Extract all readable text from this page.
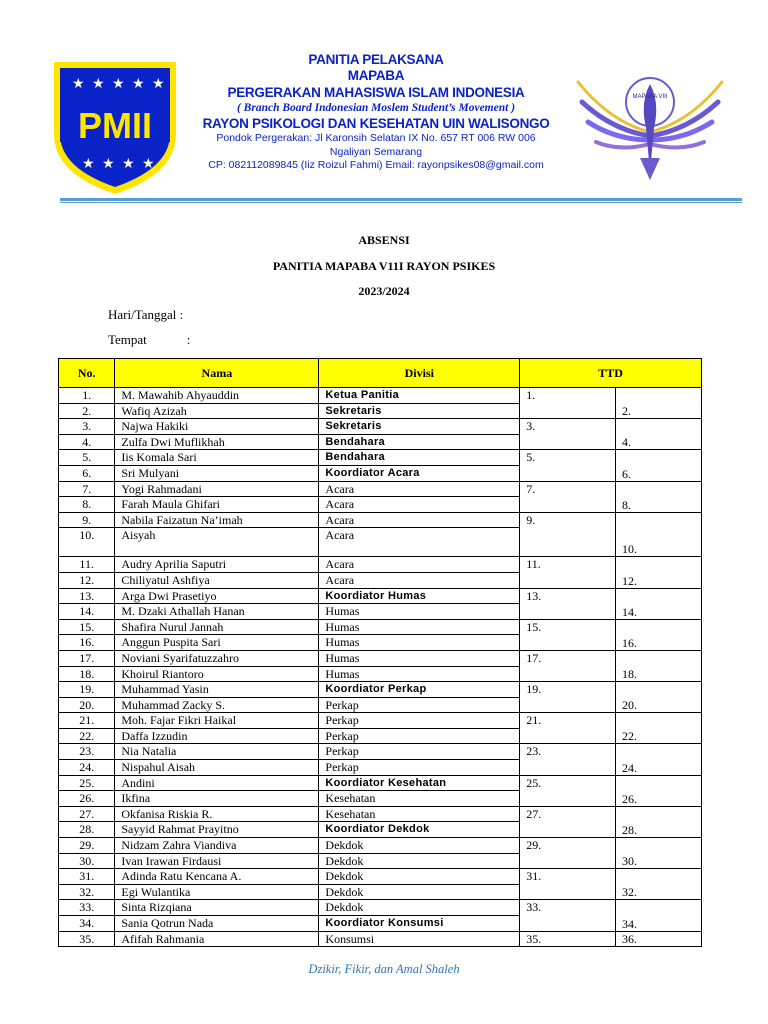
★ ★ ★ ★ ★
★ ★ ★ ★
PMII
PANITIA PELAKSANA
MAPABA
PERGERAKAN MAHASISWA ISLAM INDONESIA
( Branch Board Indonesian Moslem Student’s Movement )
RAYON PSIKOLOGI DAN KESEHATAN UIN WALISONGO
Pondok Pergerakan: Jl Karonsih Selatan IX No. 657 RT 006 RW 006
Ngaliyan Semarang
CP: 082112089845 (Iiz Roizul Fahmi) Email: rayonpsikes08@gmail.com
MAPABA VIII
ABSENSI
PANITIA MAPABA V11I RAYON PSIKES
2023/2024
Hari/Tanggal :
Tempat	:
No.	Nama	Divisi	TTD	
1.	M. Mawahib Ahyauddin	Ketua Panitia	1.	
2.	Wafiq Azizah	Sekretaris		2.
3.	Najwa Hakiki	Sekretaris	3.	
4.	Zulfa Dwi Muflikhah	Bendahara		4.
5.	Iis Komala Sari	Bendahara	5.	
6.	Sri Mulyani	Koordiator Acara		6.
7.	Yogi Rahmadani	Acara	7.	
8.	Farah Maula Ghifari	Acara		8.
9.	Nabila Faizatun Na’imah	Acara	9.	
10.	Aisyah	Acara		10.
11.	Audry Aprilia Saputri	Acara	11.	
12.	Chiliyatul Ashfiya	Acara		12.
13.	Arga Dwi Prasetiyo	Koordiator Humas	13.	
14.	M. Dzaki Athallah Hanan	Humas		14.
15.	Shafira Nurul Jannah	Humas	15.	
16.	Anggun Puspita Sari	Humas		16.
17.	Noviani Syarifatuzzahro	Humas	17.	
18.	Khoirul Riantoro	Humas		18.
19.	Muhammad Yasin	Koordiator Perkap	19.	
20.	Muhammad Zacky S.	Perkap		20.
21.	Moh. Fajar Fikri Haikal	Perkap	21.	
22.	Daffa Izzudin	Perkap		22.
23.	Nia Natalia	Perkap	23.	
24.	Nispahul Aisah	Perkap		24.
25.	Andini	Koordiator Kesehatan	25.	
26.	Ikfina	Kesehatan		26.
27.	Okfanisa Riskia R.	Kesehatan	27.	
28.	Sayyid Rahmat Prayitno	Koordiator Dekdok		28.
29.	Nidzam Zahra Viandiva	Dekdok	29.	
30.	Ivan Irawan Firdausi	Dekdok		30.
31.	Adinda Ratu Kencana A.	Dekdok	31.	
32.	Egi Wulantika	Dekdok		32.
33.	Sinta Rizqiana	Dekdok	33.	
34.	Sania Qotrun Nada	Koordiator Konsumsi		34.
35.	Afifah Rahmania	Konsumsi	35.	36.
Dzikir, Fikir, dan Amal Shaleh
